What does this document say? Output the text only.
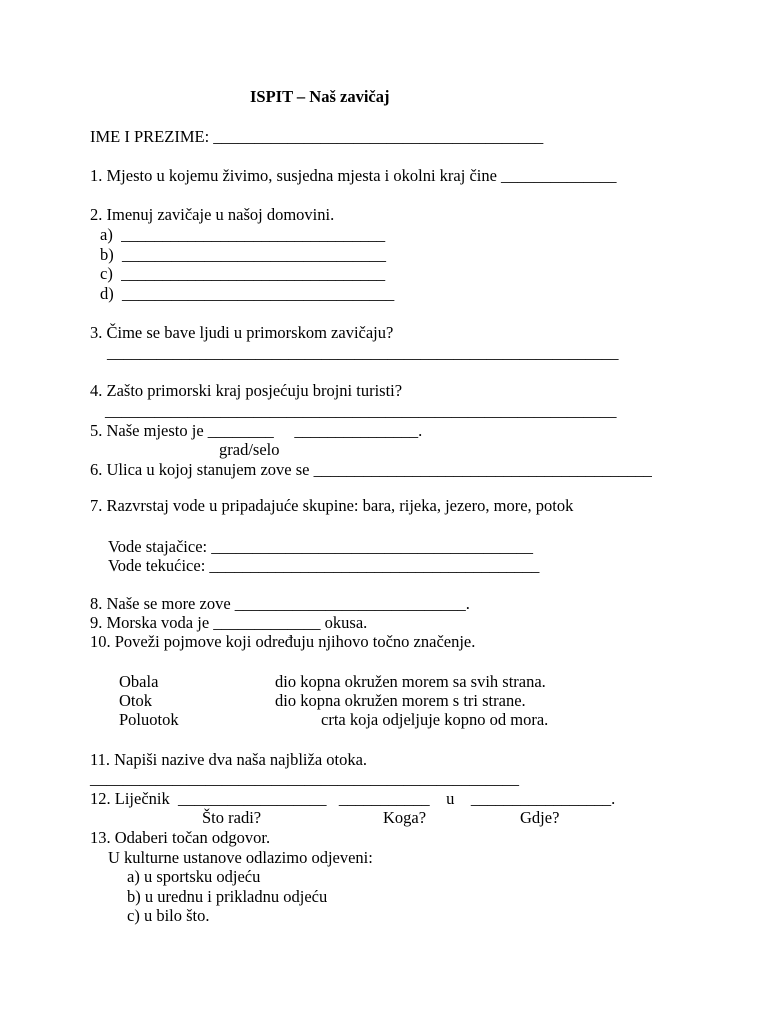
ISPIT – Naš zavičaj
IME I PREZIME: ________________________________________
1. Mjesto u kojemu živimo, susjedna mjesta i okolni kraj čine ______________
2. Imenuj zavičaje u našoj domovini.
a)  ________________________________
b)  ________________________________
c)  ________________________________
d)  _________________________________
3. Čime se bave ljudi u primorskom zavičaju?
______________________________________________________________
4. Zašto primorski kraj posjećuju brojni turisti?
______________________________________________________________
5. Naše mjesto je ________     _______________.
grad/selo
6. Ulica u kojoj stanujem zove se _________________________________________
7. Razvrstaj vode u pripadajuće skupine: bara, rijeka, jezero, more, potok
Vode stajačice: _______________________________________
Vode tekućice: ________________________________________
8. Naše se more zove ____________________________.
9. Morska voda je _____________ okusa.
10. Poveži pojmove koji određuju njihovo točno značenje.
Obala
Otok
Poluotok
dio kopna okružen morem sa svih strana.
dio kopna okružen morem s tri strane.
crta koja odjeljuje kopno od mora.
11. Napiši nazive dva naša najbliža otoka.
____________________________________________________
12. Liječnik  __________________   ___________    u    _________________.
Što radi?	Koga?	Gdje?
13. Odaberi točan odgovor.
U kulturne ustanove odlazimo odjeveni:
a) u sportsku odjeću
b) u urednu i prikladnu odjeću
c) u bilo što.
